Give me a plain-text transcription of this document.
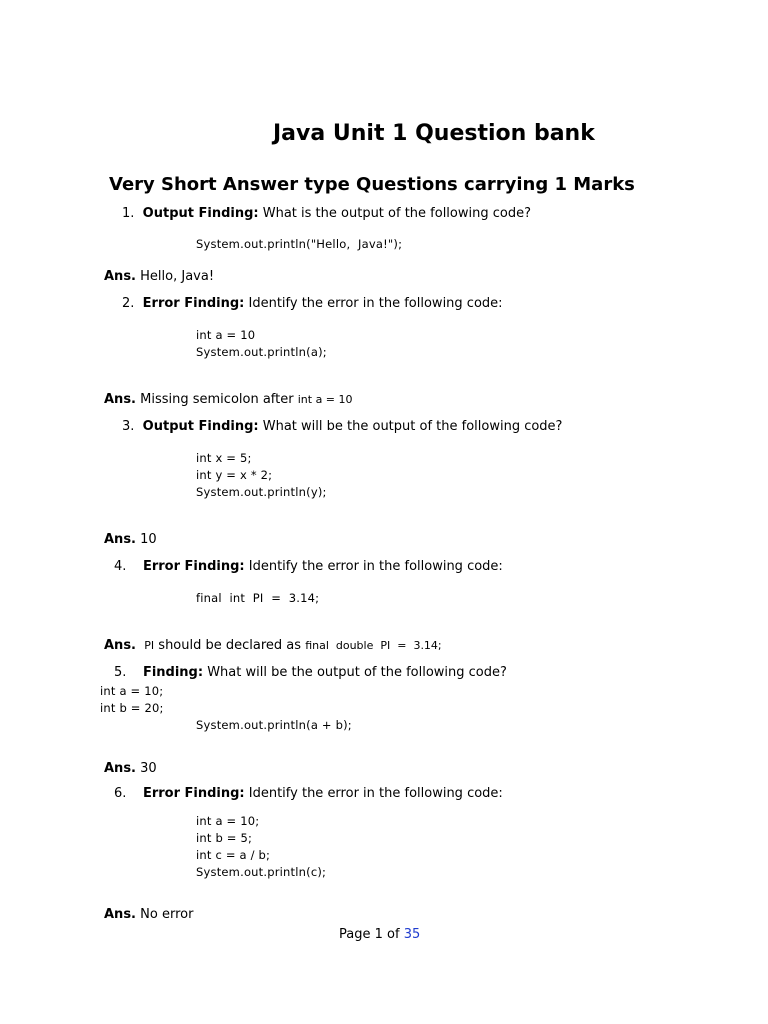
Java Unit 1 Question bank
Very Short Answer type Questions carrying 1 Marks
1. Output Finding: What is the output of the following code?
System.out.println("Hello,  Java!");
Ans. Hello, Java!
2. Error Finding: Identify the error in the following code:
int a = 10
System.out.println(a);
Ans. Missing semicolon after int a = 10
3. Output Finding: What will be the output of the following code?
int x = 5;
int y = x * 2;
System.out.println(y);
Ans. 10
4. Error Finding: Identify the error in the following code:
final  int  PI  =  3.14;
Ans. PI should be declared as final  double  PI  =  3.14;
5. Finding: What will be the output of the following code?
int a = 10;
int b = 20;
System.out.println(a + b);
Ans. 30
6. Error Finding: Identify the error in the following code:
int a = 10;
int b = 5;
int c = a / b;
System.out.println(c);
Ans. No error
Page 1 of 35
